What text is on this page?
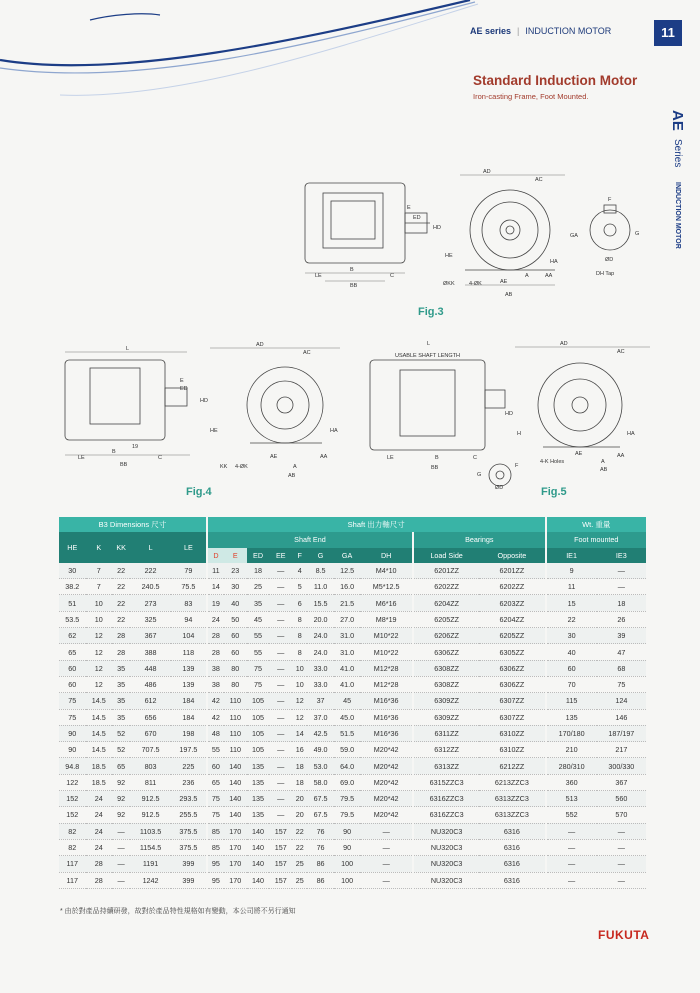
AE series | INDUCTION MOTOR	11
Standard Induction Motor
Iron-casting Frame, Foot Mounted.
AE Series INDUCTION MOTOR
LE
B
BB
C
E
ED
AD
AC
AE
AB
HD
HE
ØKK	4-ØK
HA
A	AA
F
G
GA
ØD
DH Tap
Fig.3
L
LE
B
BB
C
19
E
ED
AD
AC
HD
HE
KK 4-ØK
AE	AA
A
AB
HA
Fig.4
USABLE SHAFT LENGTH
L
LE	B
BB
C
ØD
G
F
AD
AC
HD
H	HA
4-K Holes
AE	AA
A
AB
Fig.5
B3 Dimensions 尺寸					Shaft 出力軸尺寸										Wt. 重量	
HE	K	KK	L	LE	Shaft End								Bearings		Foot mounted	
					D	E	ED	EE	F	G	GA	DH	Load Side	Opposite	IE1	IE3
30	7	22	222	79	11	23	18	—	4	8.5	12.5	M4*10	6201ZZ	6201ZZ	9	—
38.2	7	22	240.5	75.5	14	30	25	—	5	11.0	16.0	M5*12.5	6202ZZ	6202ZZ	11	—
51	10	22	273	83	19	40	35	—	6	15.5	21.5	M6*16	6204ZZ	6203ZZ	15	18
53.5	10	22	325	94	24	50	45	—	8	20.0	27.0	M8*19	6205ZZ	6204ZZ	22	26
62	12	28	367	104	28	60	55	—	8	24.0	31.0	M10*22	6206ZZ	6205ZZ	30	39
65	12	28	388	118	28	60	55	—	8	24.0	31.0	M10*22	6306ZZ	6305ZZ	40	47
60	12	35	448	139	38	80	75	—	10	33.0	41.0	M12*28	6308ZZ	6306ZZ	60	68
60	12	35	486	139	38	80	75	—	10	33.0	41.0	M12*28	6308ZZ	6306ZZ	70	75
75	14.5	35	612	184	42	110	105	—	12	37	45	M16*36	6309ZZ	6307ZZ	115	124
75	14.5	35	656	184	42	110	105	—	12	37.0	45.0	M16*36	6309ZZ	6307ZZ	135	146
90	14.5	52	670	198	48	110	105	—	14	42.5	51.5	M16*36	6311ZZ	6310ZZ	170/180	187/197
90	14.5	52	707.5	197.5	55	110	105	—	16	49.0	59.0	M20*42	6312ZZ	6310ZZ	210	217
94.8	18.5	65	803	225	60	140	135	—	18	53.0	64.0	M20*42	6313ZZ	6212ZZ	280/310	300/330
122	18.5	92	811	236	65	140	135	—	18	58.0	69.0	M20*42	6315ZZC3	6213ZZC3	360	367
152	24	92	912.5	293.5	75	140	135	—	20	67.5	79.5	M20*42	6316ZZC3	6313ZZC3	513	560
152	24	92	912.5	255.5	75	140	135	—	20	67.5	79.5	M20*42	6316ZZC3	6313ZZC3	552	570
82	24	—	1103.5	375.5	85	170	140	157	22	76	90	—	NU320C3	6316	—	—
82	24	—	1154.5	375.5	85	170	140	157	22	76	90	—	NU320C3	6316	—	—
117	28	—	1191	399	95	170	140	157	25	86	100	—	NU320C3	6316	—	—
117	28	—	1242	399	95	170	140	157	25	86	100	—	NU320C3	6316	—	—
* 由於對產品持續研發，故對於產品特性規格如有變動，本公司將不另行通知
FUKUTA
